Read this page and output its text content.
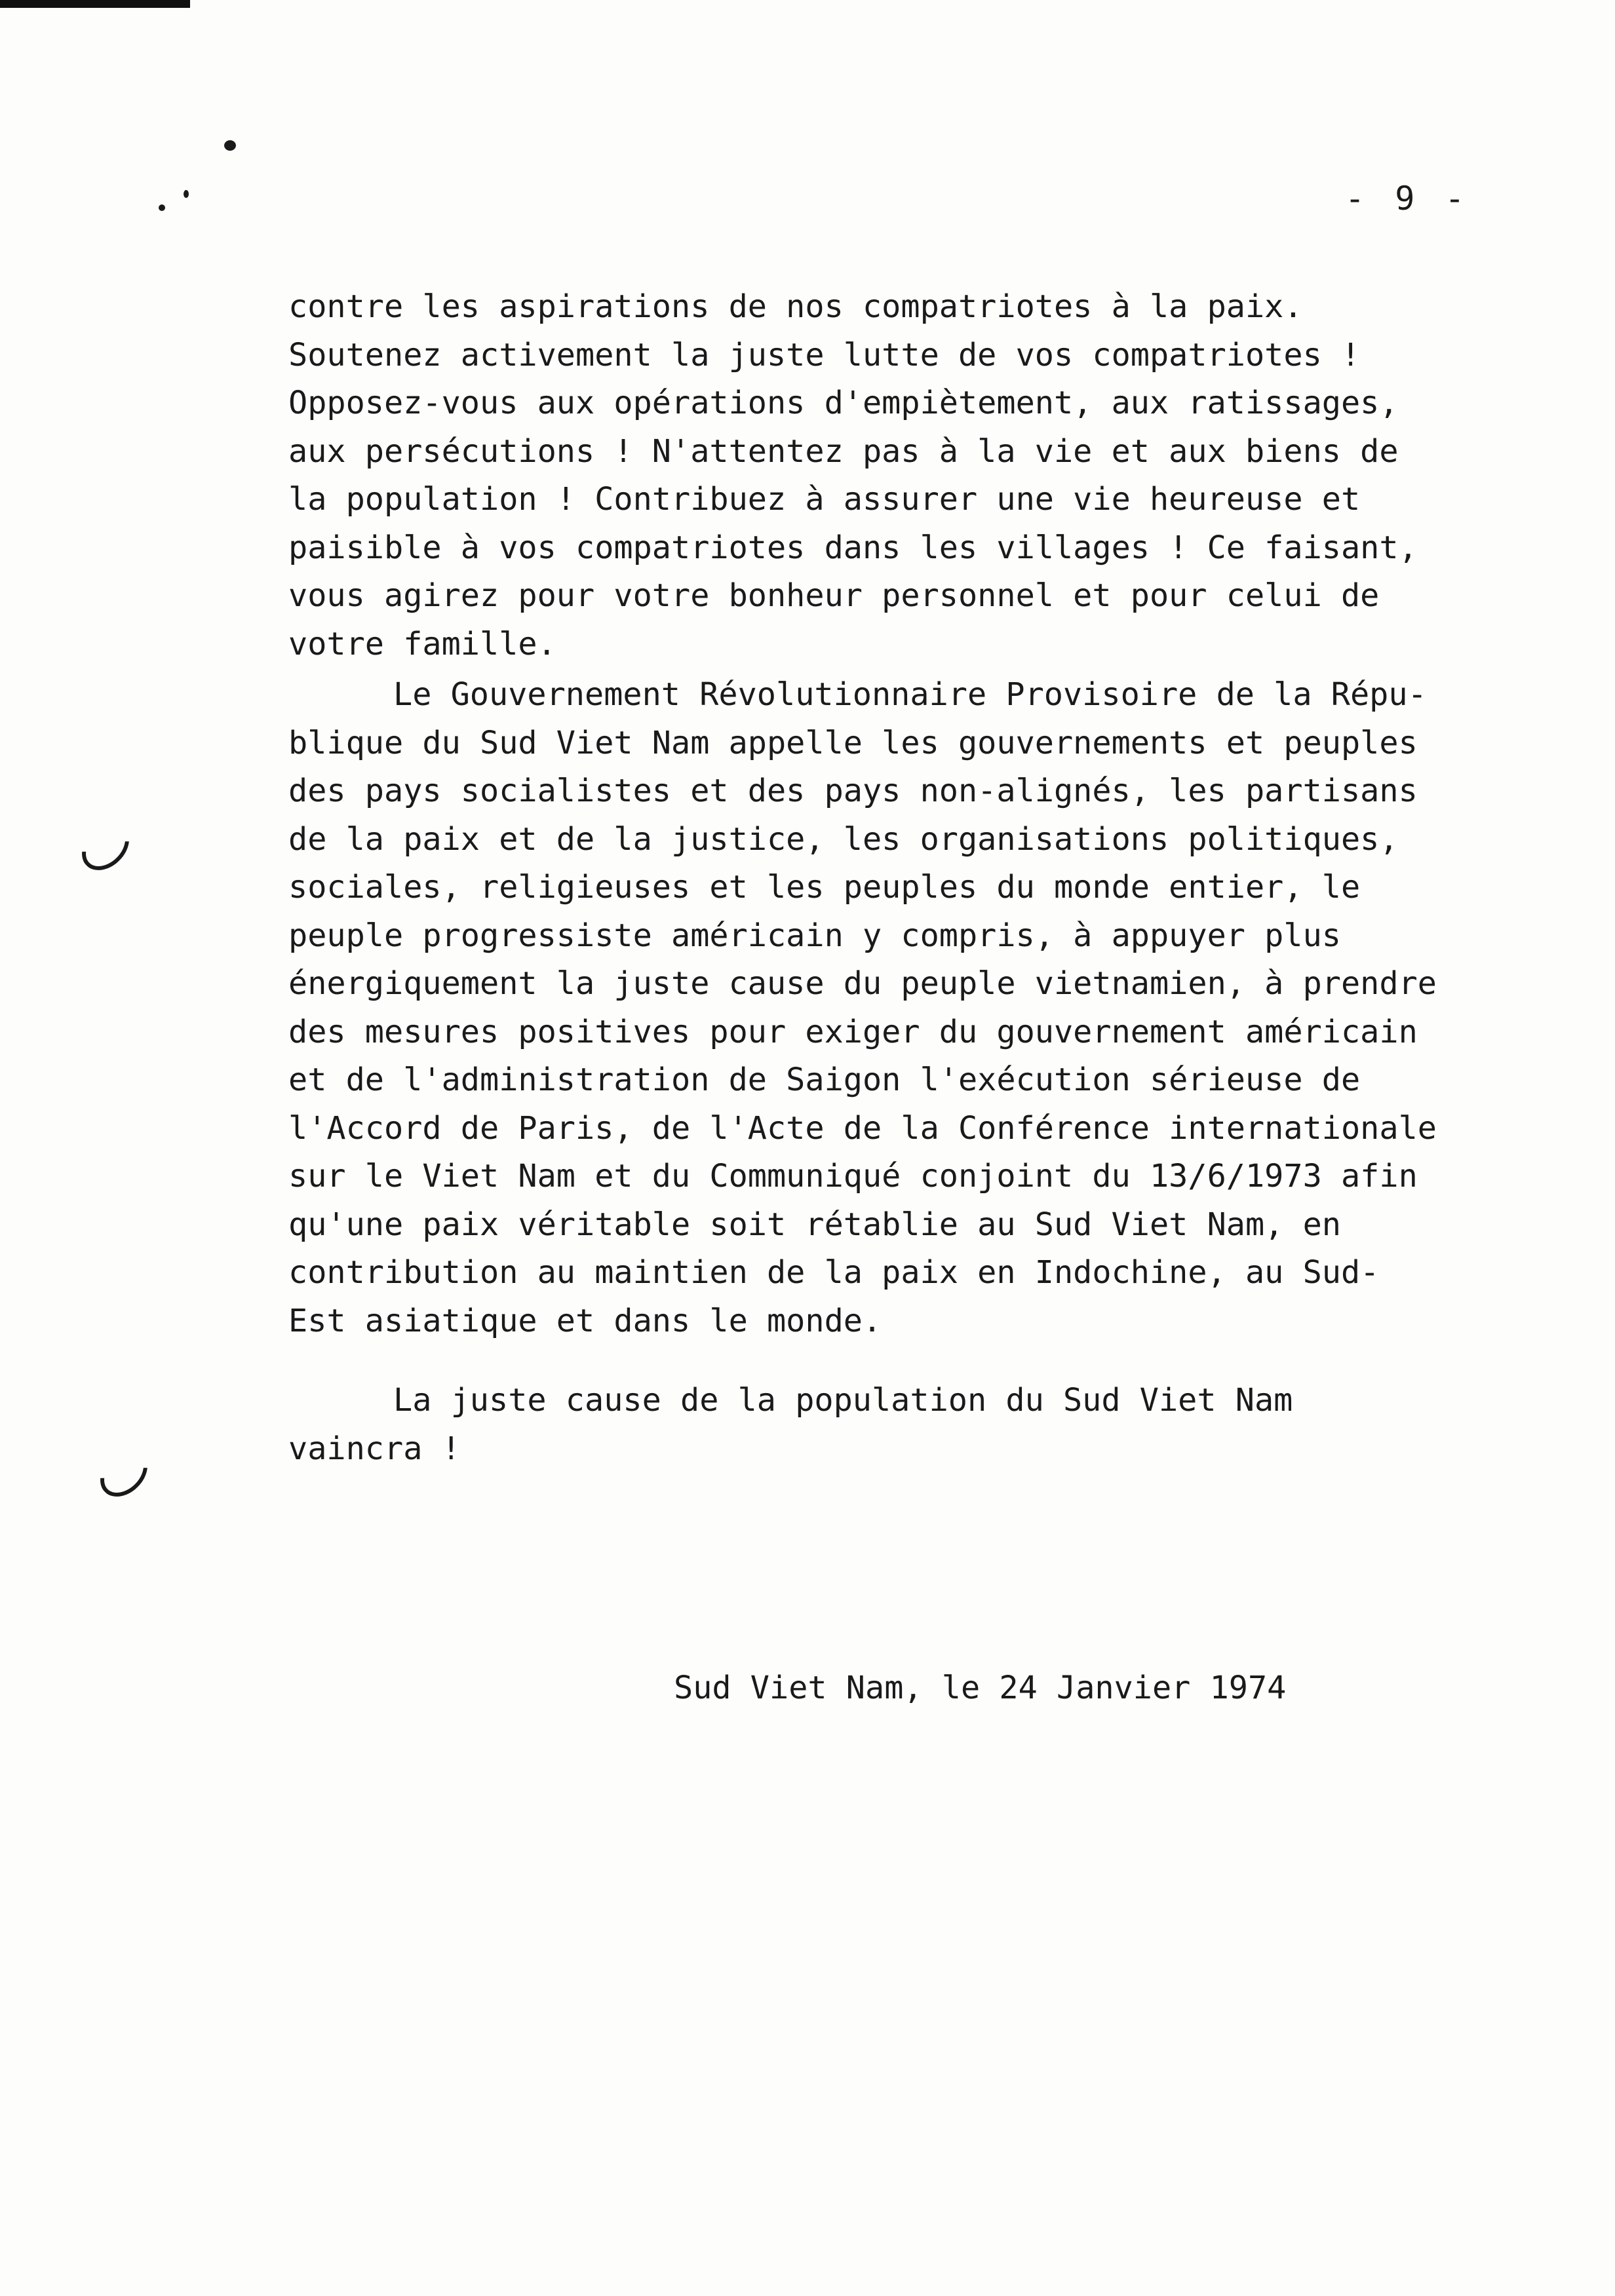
- 9 -

contre les aspirations de nos compatriotes à la paix.
Soutenez activement la juste lutte de vos compatriotes !
Opposez-vous aux opérations d'empiètement, aux ratissages,
aux persécutions ! N'attentez pas à la vie et aux biens de
la population ! Contribuez à assurer une vie heureuse et
paisible à vos compatriotes dans les villages ! Ce faisant,
vous agirez pour votre bonheur personnel et pour celui de
votre famille.

Le Gouvernement Révolutionnaire Provisoire de la Répu-
blique du Sud Viet Nam appelle les gouvernements et peuples
des pays socialistes et des pays non-alignés, les partisans
de la paix et de la justice, les organisations politiques,
sociales, religieuses et les peuples du monde entier, le
peuple progressiste américain y compris, à appuyer plus
énergiquement la juste cause du peuple vietnamien, à prendre
des mesures positives pour exiger du gouvernement américain
et de l'administration de Saigon l'exécution sérieuse de
l'Accord de Paris, de l'Acte de la Conférence internationale
sur le Viet Nam et du Communiqué conjoint du 13/6/1973 afin
qu'une paix véritable soit rétablie au Sud Viet Nam, en
contribution au maintien de la paix en Indochine, au Sud-
Est asiatique et dans le monde.

La juste cause de la population du Sud Viet Nam
vaincra !

Sud Viet Nam, le 24 Janvier 1974
